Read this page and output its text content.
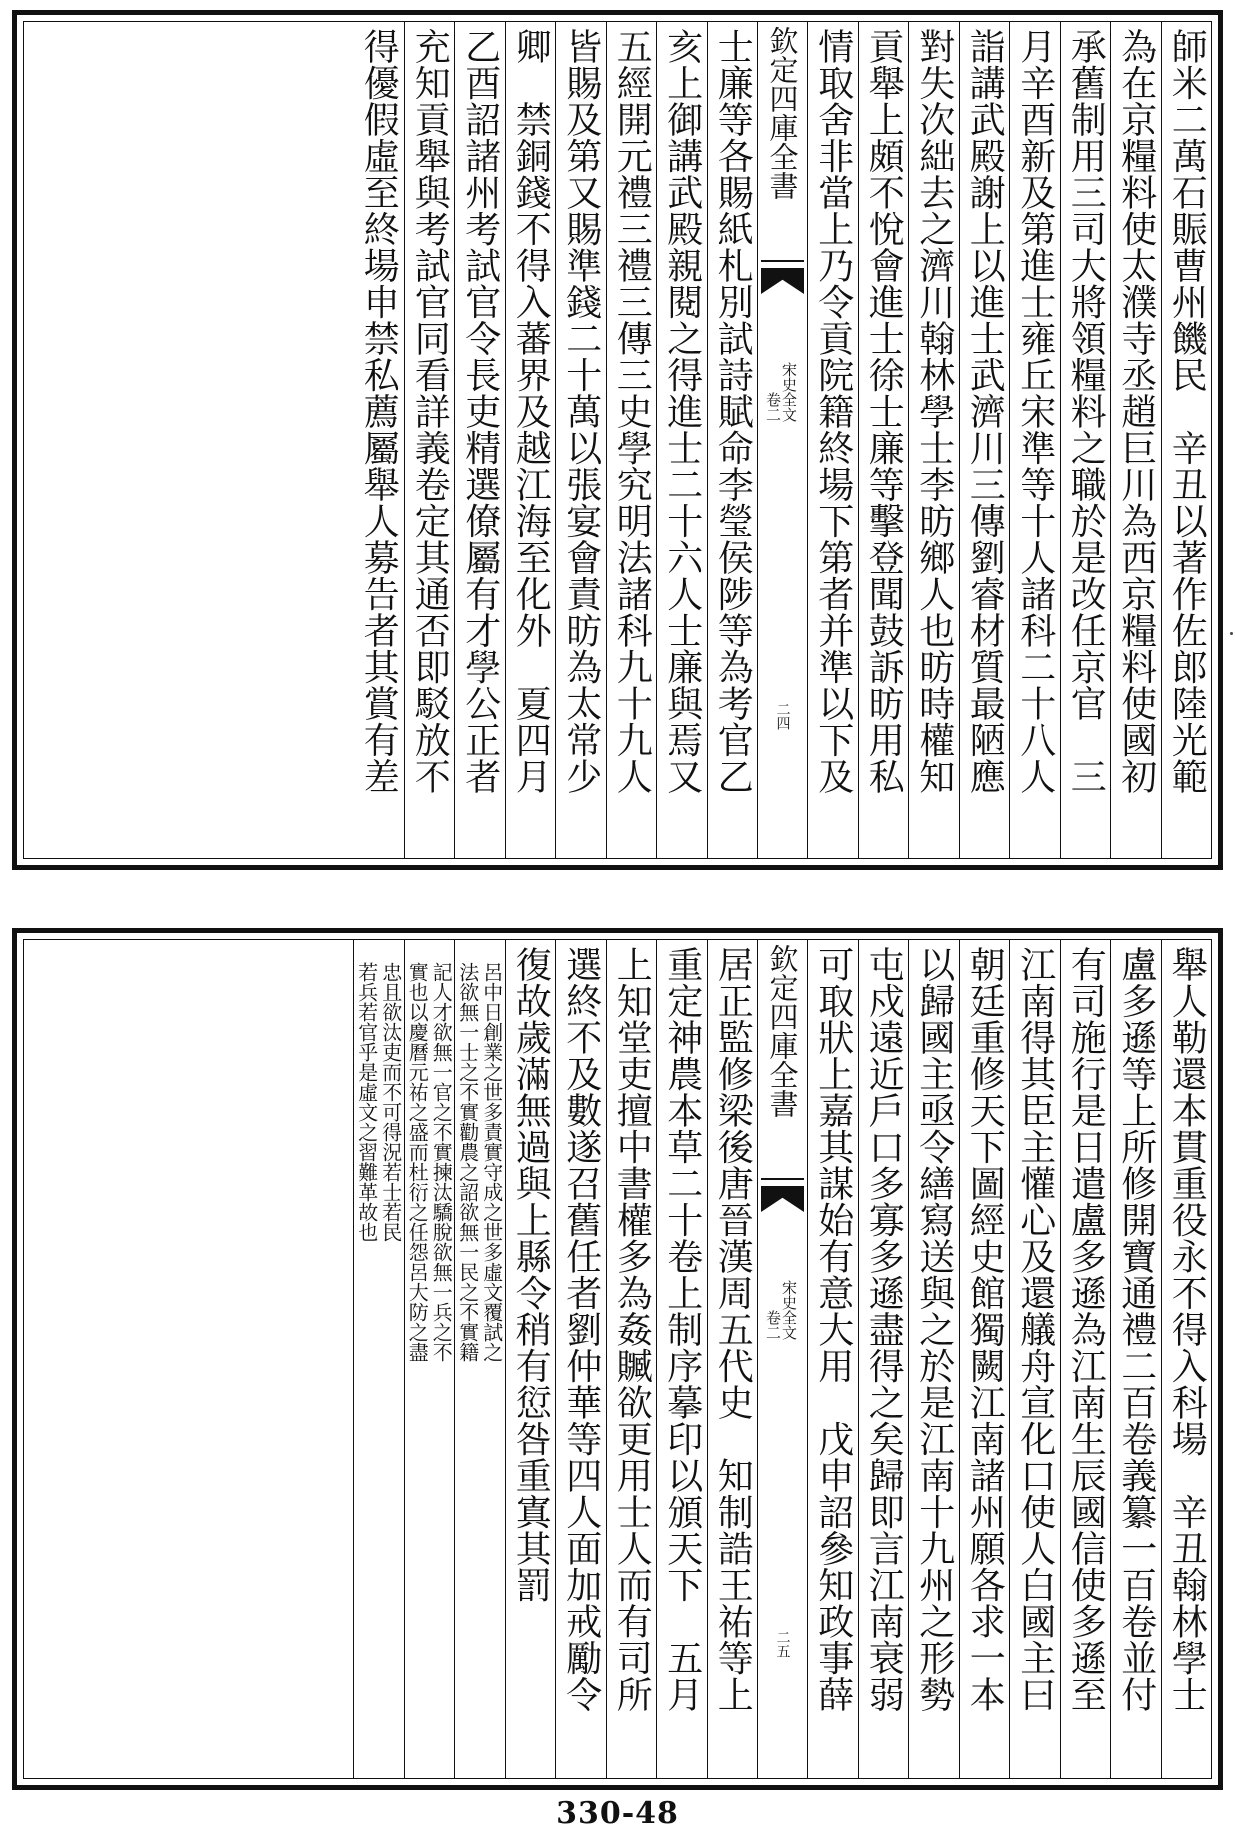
師米二萬石賑曹州饑民　辛丑以著作佐郎陸光範
為在京糧料使太濮寺丞趙巨川為西京糧料使國初
承舊制用三司大將領糧料之職於是改任京官　三
月辛酉新及第進士雍丘宋準等十人諸科二十八人
詣講武殿謝上以進士武濟川三傳劉睿材質最陋應
對失次絀去之濟川翰林學士李昉鄉人也昉時權知
貢舉上頗不悅會進士徐士廉等擊登聞鼓訴昉用私
情取舍非當上乃令貢院籍終場下第者并準以下及
欽定四庫全書
宋史全文
卷二
二四
士廉等各賜紙札別試詩賦命李瑩侯陟等為考官乙
亥上御講武殿親閱之得進士二十六人士廉與焉又
五經開元禮三禮三傳三史學究明法諸科九十九人
皆賜及第又賜準錢二十萬以張宴會責昉為太常少
卿　禁銅錢不得入蕃界及越江海至化外　夏四月
乙酉詔諸州考試官令長吏精選僚屬有才學公正者
充知貢舉與考試官同看詳義卷定其通否即駁放不
得優假虛至終場申禁私薦屬舉人募告者其賞有差
舉人勒還本貫重役永不得入科場　辛丑翰林學士
盧多遜等上所修開寶通禮二百卷義纂一百卷並付
有司施行是日遣盧多遜為江南生辰國信使多遜至
江南得其臣主懽心及還艤舟宣化口使人白國主曰
朝廷重修天下圖經史館獨闕江南諸州願各求一本
以歸國主亟令繕寫送與之於是江南十九州之形勢
屯戍遠近戶口多寡多遜盡得之矣歸即言江南衰弱
可取狀上嘉其謀始有意大用　戊申詔參知政事薛
欽定四庫全書
宋史全文
卷二
二五
居正監修梁後唐晉漢周五代史　知制誥王祐等上
重定神農本草二十卷上制序摹印以頒天下　五月
上知堂吏擅中書權多為姦贓欲更用士人而有司所
選終不及數遂召舊任者劉仲華等四人面加戒勵令
復故歲滿無過與上縣令稍有愆咎重寘其罰
呂中日創業之世多責實守成之世多虛文覆試之
法欲無一士之不實勸農之詔欲無一民之不實籍
記人才欲無一官之不實揀汰驕脫欲無一兵之不
實也以慶曆元祐之盛而杜衍之任怨呂大防之盡
忠且欲汰吏而不可得況若士若民
若兵若官乎是虛文之習難革故也
330-48
